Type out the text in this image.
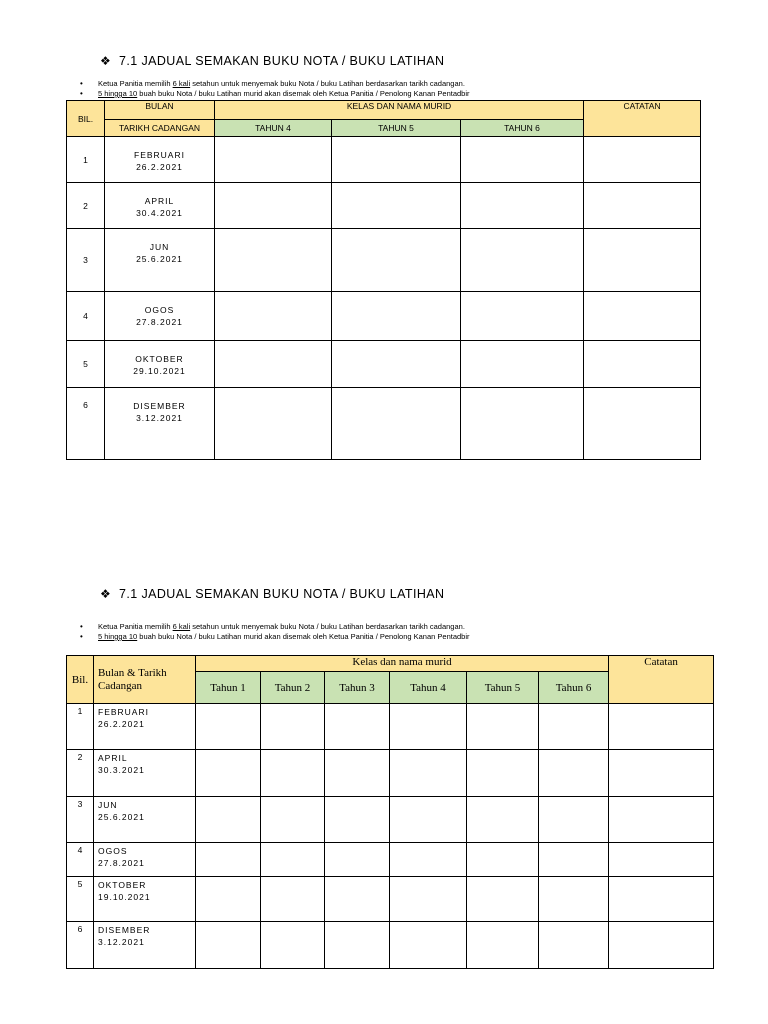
❖ 7.1 JADUAL SEMAKAN BUKU NOTA / BUKU LATIHAN
• Ketua Panitia memilih 6 kali setahun untuk menyemak buku Nota / buku Latihan berdasarkan tarikh cadangan.
• 5 hingga 10 buah buku Nota / buku Latihan murid akan disemak oleh Ketua Panitia / Penolong Kanan Pentadbir
BIL.	BULAN	KELAS DAN NAMA MURID			CATATAN
	TARIKH CADANGAN	TAHUN 4	TAHUN 5	TAHUN 6	
1	FEBRUARI
26.2.2021				
2	APRIL
30.4.2021				
3	JUN
25.6.2021				
4	OGOS
27.8.2021				
5	OKTOBER
29.10.2021				
6	DISEMBER
3.12.2021				
❖ 7.1 JADUAL SEMAKAN BUKU NOTA / BUKU LATIHAN
• Ketua Panitia memilih 6 kali setahun untuk menyemak buku Nota / buku Latihan berdasarkan tarikh cadangan.
• 5 hingga 10 buah buku Nota / buku Latihan murid akan disemak oleh Ketua Panitia / Penolong Kanan Pentadbir
Bil.	Bulan & Tarikh Cadangan	Kelas dan nama murid						Catatan
		Tahun 1	Tahun 2	Tahun 3	Tahun 4	Tahun 5	Tahun 6	
1	FEBRUARI
26.2.2021							
2	APRIL
30.3.2021							
3	JUN
25.6.2021							
4	OGOS
27.8.2021							
5	OKTOBER
19.10.2021							
6	DISEMBER
3.12.2021							
